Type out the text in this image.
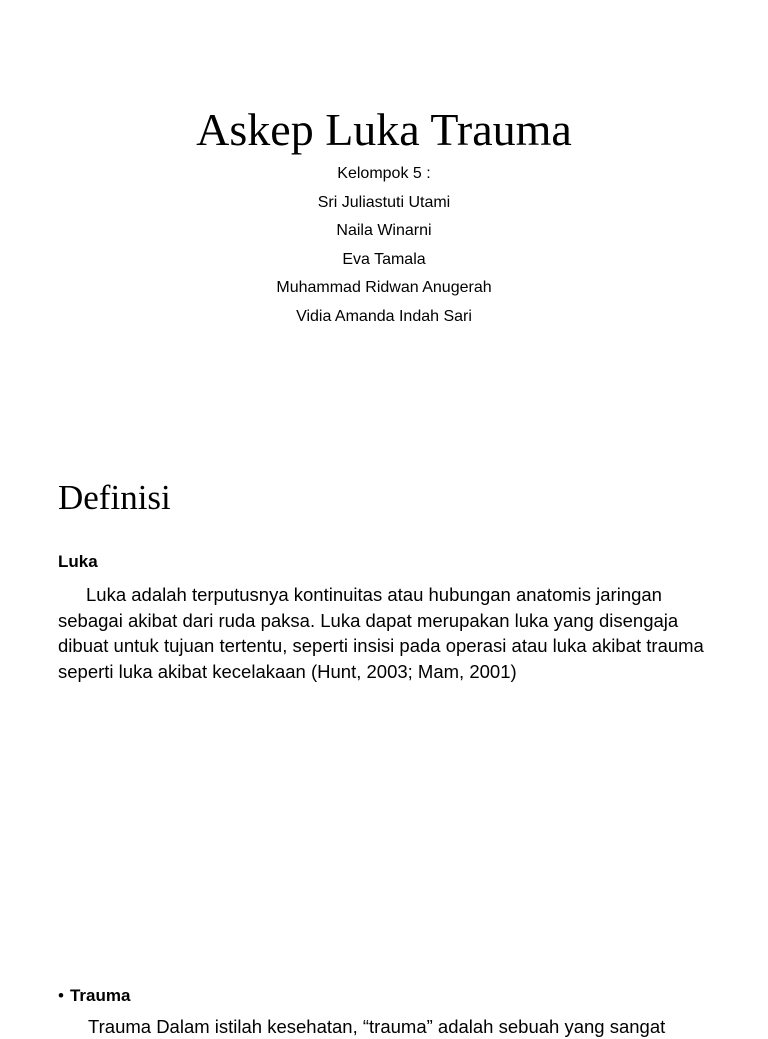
Askep Luka Trauma
Kelompok 5 :
Sri Juliastuti Utami
Naila Winarni
Eva Tamala
Muhammad Ridwan Anugerah
Vidia Amanda Indah Sari
Definisi
Luka

Luka adalah terputusnya kontinuitas atau hubungan anatomis jaringan sebagai akibat dari ruda paksa. Luka dapat merupakan luka yang disengaja dibuat untuk tujuan tertentu, seperti insisi pada operasi atau luka akibat trauma seperti luka akibat kecelakaan (Hunt, 2003; Mam, 2001)

• Trauma
Trauma Dalam istilah kesehatan, “trauma” adalah sebuah yang sangat
